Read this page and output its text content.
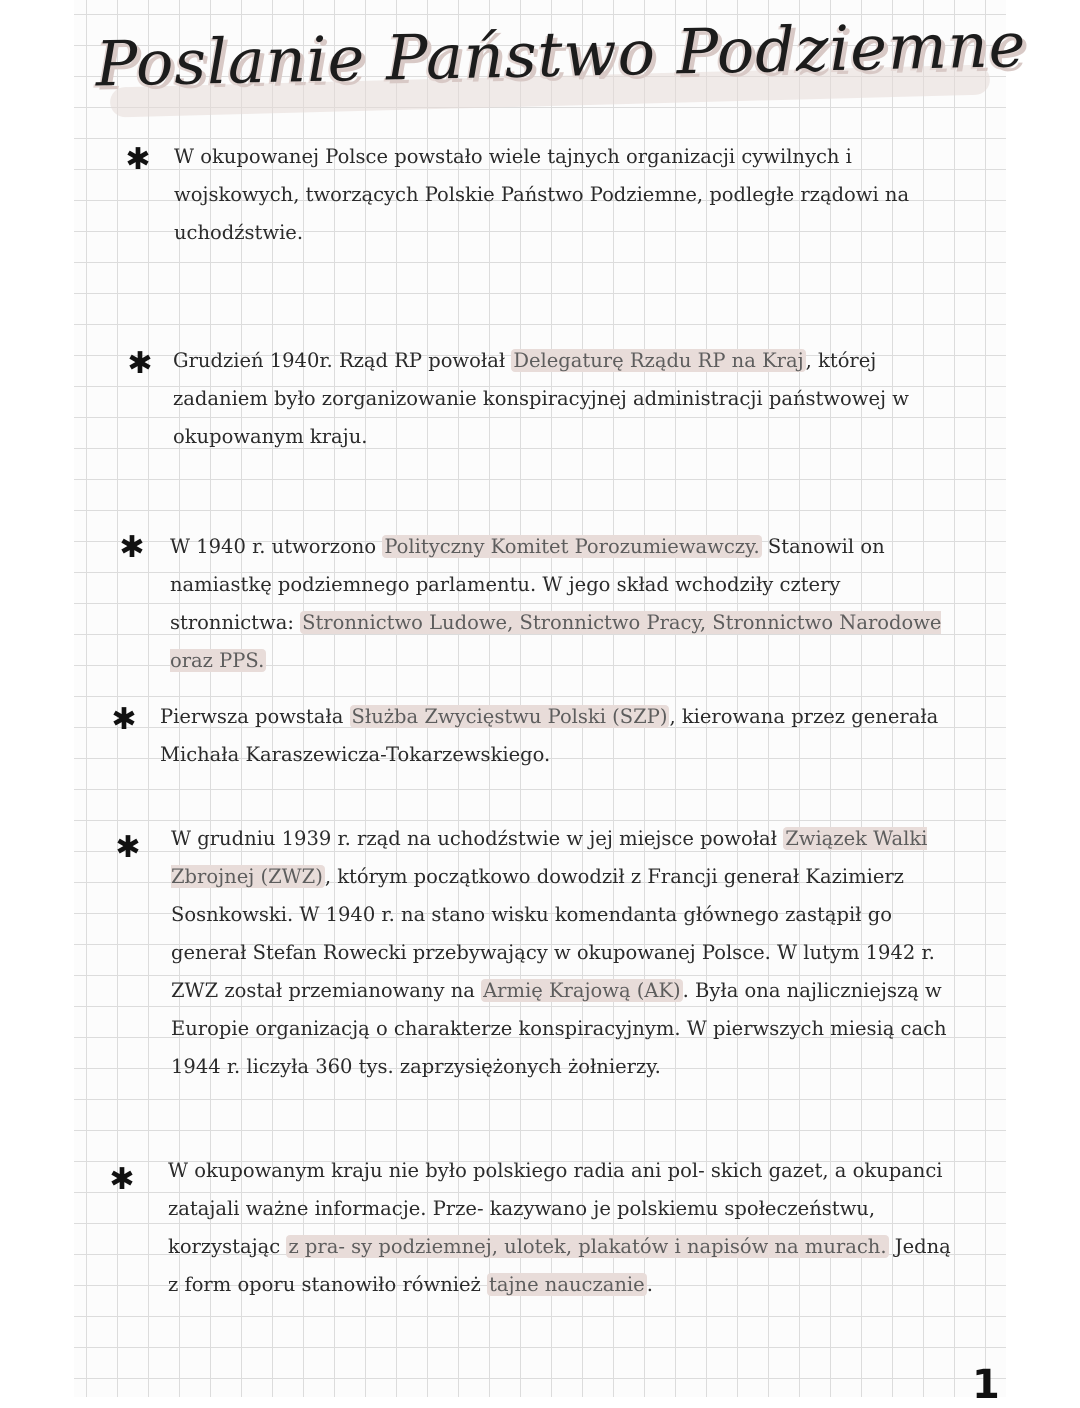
Poslanie Państwo Podziemne
✱	W okupowanej Polsce powstało wiele tajnych organizacji cywilnych i wojskowych, tworzących Polskie Państwo Podziemne, podległe rządowi na uchodźstwie.

✱	Grudzień 1940r. Rząd RP powołał Delegaturę Rządu RP na Kraj , której zadaniem było zorganizowanie konspiracyjnej administracji państwowej w okupowanym kraju.

✱	W 1940 r. utworzono Polityczny Komitet Porozumiewawczy. Stanowil on namiastkę podziemnego parlamentu. W jego skład wchodziły cztery stronnictwa: Stronnictwo Ludowe, Stronnictwo Pracy, Stronnictwo Narodowe oraz PPS.

✱	Pierwsza powstała Służba Zwycięstwu Polski (SZP) , kierowana przez generała Michała Karaszewicza-Tokarzewskiego.

✱	W grudniu 1939 r. rząd na uchodźstwie w jej miejsce powołał Związek Walki Zbrojnej (ZWZ) , którym początkowo dowodził z Francji generał Kazimierz Sosnkowski. W 1940 r. na stano wisku komendanta głównego zastąpił go generał Stefan Rowecki przebywający w okupowanej Polsce. W lutym 1942 r. ZWZ został przemianowany na Armię Krajową (AK) . Była ona najliczniejszą w Europie organizacją o charakterze konspiracyjnym. W pierwszych miesią cach 1944 r. liczyła 360 tys. zaprzysiężonych żołnierzy.

✱	W okupowanym kraju nie było polskiego radia ani pol- skich gazet, a okupanci zatajali ważne informacje. Prze- kazywano je polskiemu społeczeństwu, korzystając z pra- sy podziemnej, ulotek, plakatów i napisów na murach. Jedną z form oporu stanowiło również tajne nauczanie .

1
